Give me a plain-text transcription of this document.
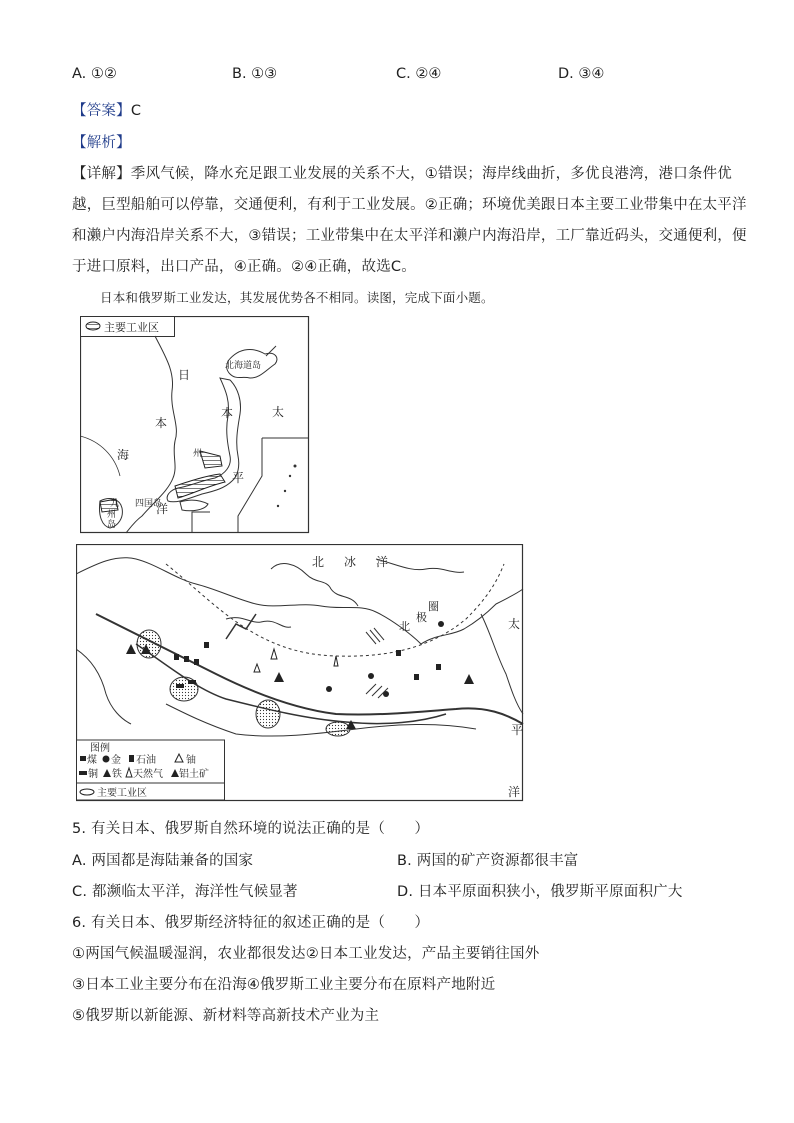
A. ①②	B. ①③	C. ②④	D. ③④
【答案】C
【解析】
【详解】季风气候，降水充足跟工业发展的关系不大，①错误；海岸线曲折，多优良港湾，港口条件优
越，巨型船舶可以停靠，交通便利，有利于工业发展。②正确；环境优美跟日本主要工业带集中在太平洋
和濑户内海沿岸关系不大，③错误；工业带集中在太平洋和濑户内海沿岸，工厂靠近码头，交通便利，便
于进口原料，出口产品，④正确。②④正确，故选C。
日本和俄罗斯工业发达，其发展优势各不相同。读图，完成下面小题。
主要工业区
北海道岛
日
本
海
太
平
洋
本
州
九
州
岛
四国岛
北 冰 洋
北
极
圈
太
平
洋
图例
煤 金 石油	铀
铜 铁 天然气 铝土矿
主要工业区
5. 有关日本、俄罗斯自然环境的说法正确的是（　　）
A. 两国都是海陆兼备的国家	B. 两国的矿产资源都很丰富
C. 都濒临太平洋，海洋性气候显著	D. 日本平原面积狭小，俄罗斯平原面积广大
6. 有关日本、俄罗斯经济特征的叙述正确的是（　　）
①两国气候温暖湿润，农业都很发达②日本工业发达，产品主要销往国外
③日本工业主要分布在沿海④俄罗斯工业主要分布在原料产地附近
⑤俄罗斯以新能源、新材料等高新技术产业为主
